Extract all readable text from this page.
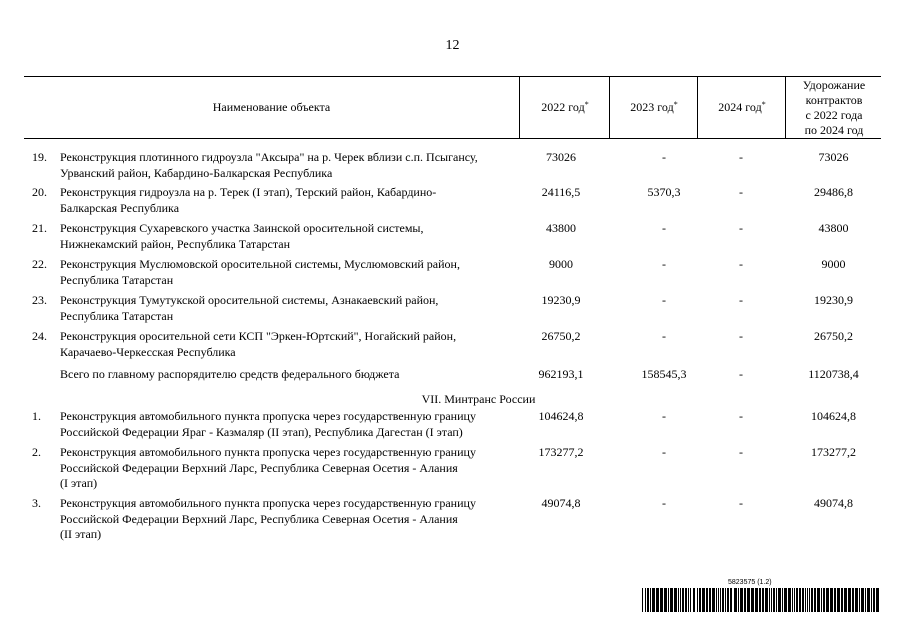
12
Наименование объекта	2022 год*	2023 год*	2024 год*
Удорожание
контрактов
с 2022 года
по 2024 год
19.	Реконструкция плотинного гидроузла "Аксыра" на р. Черек вблизи с.п. Псыгансу,
Урванский район, Кабардино-Балкарская Республика
73026	-	-	73026
20.	Реконструкция гидроузла на р. Терек (I этап), Терский район, Кабардино-
Балкарская Республика
24116,5	5370,3	-	29486,8
21.	Реконструкция Сухаревского участка Заинской оросительной системы,
Нижнекамский район, Республика Татарстан
43800	-	-	43800
22.	Реконструкция Муслюмовской оросительной системы, Муслюмовский район,
Республика Татарстан
9000	-	-	9000
23.	Реконструкция Тумутукской оросительной системы, Азнакаевский район,
Республика Татарстан
19230,9	-	-	19230,9
24.	Реконструкция оросительной сети КСП "Эркен-Юртский", Ногайский район,
Карачаево-Черкесская Республика
26750,2	-	-	26750,2
Всего по главному распорядителю средств федерального бюджета	962193,1	158545,3	-	1120738,4
VII. Минтранс России
1.	Реконструкция автомобильного пункта пропуска через государственную границу
Российской Федерации Яраг - Казмаляр (II этап), Республика Дагестан (I этап)
104624,8	-	-	104624,8
2.	Реконструкция автомобильного пункта пропуска через государственную границу
Российской Федерации Верхний Ларс, Республика Северная Осетия - Алания
(I этап)
173277,2	-	-	173277,2
3.	Реконструкция автомобильного пункта пропуска через государственную границу
Российской Федерации Верхний Ларс, Республика Северная Осетия - Алания
(II этап)
49074,8	-	-	49074,8
5823575 (1.2)
